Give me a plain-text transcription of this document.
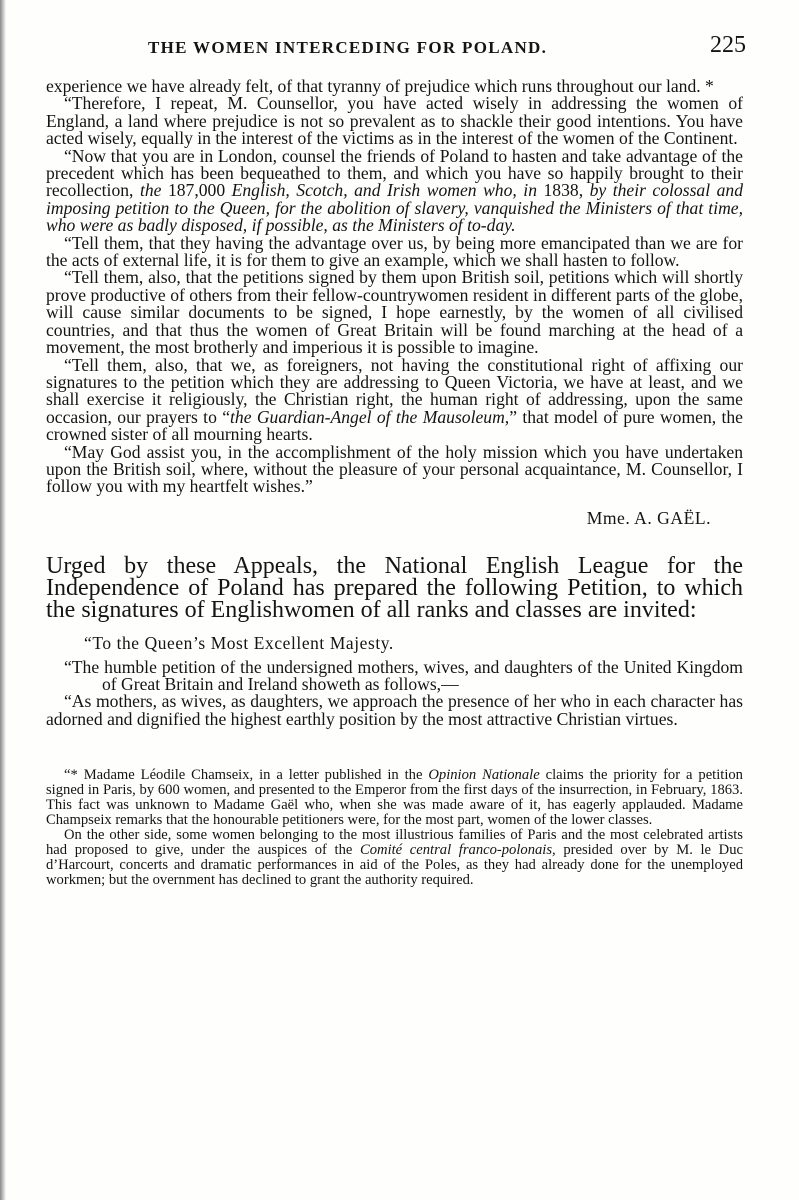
THE WOMEN INTERCEDING FOR POLAND.	225

experience we have already felt, of that tyranny of prejudice which runs throughout our land. *

“Therefore, I repeat, M. Counsellor, you have acted wisely in addressing the women of England, a land where prejudice is not so prevalent as to shackle their good intentions. You have acted wisely, equally in the interest of the victims as in the interest of the women of the Continent.

“Now that you are in London, counsel the friends of Poland to hasten and take advantage of the precedent which has been bequeathed to them, and which you have so happily brought to their recollection, the 187,000 English, Scotch, and Irish women who, in 1838, by their colossal and imposing petition to the Queen, for the abolition of slavery, vanquished the Ministers of that time, who were as badly disposed, if possible, as the Ministers of to-day.

“Tell them, that they having the advantage over us, by being more emancipated than we are for the acts of external life, it is for them to give an example, which we shall hasten to follow.

“Tell them, also, that the petitions signed by them upon British soil, petitions which will shortly prove productive of others from their fellow-countrywomen resident in different parts of the globe, will cause similar documents to be signed, I hope earnestly, by the women of all civilised countries, and that thus the women of Great Britain will be found marching at the head of a movement, the most brotherly and imperious it is possible to imagine.

“Tell them, also, that we, as foreigners, not having the constitutional right of affixing our signatures to the petition which they are addressing to Queen Victoria, we have at least, and we shall exercise it religiously, the Christian right, the human right of addressing, upon the same occasion, our prayers to “the Guardian-Angel of the Mausoleum,” that model of pure women, the crowned sister of all mourning hearts.

“May God assist you, in the accomplishment of the holy mission which you have undertaken upon the British soil, where, without the pleasure of your personal acquaintance, M. Counsellor, I follow you with my heartfelt wishes.”

Mme. A. GAËL.

Urged by these Appeals, the National English League for the Independence of Poland has prepared the following Petition, to which the signatures of Englishwomen of all ranks and classes are invited:

“To the Queen’s Most Excellent Majesty.

“The humble petition of the undersigned mothers, wives, and daughters of the United Kingdom of Great Britain and Ireland showeth as follows,—

“As mothers, as wives, as daughters, we approach the presence of her who in each character has adorned and dignified the highest earthly position by the most attractive Christian virtues.

“* Madame Léodile Chamseix, in a letter published in the Opinion Nationale claims the priority for a petition signed in Paris, by 600 women, and presented to the Emperor from the first days of the insurrection, in February, 1863. This fact was unknown to Madame Gaël who, when she was made aware of it, has eagerly applauded. Madame Champseix remarks that the honourable petitioners were, for the most part, women of the lower classes.

On the other side, some women belonging to the most illustrious families of Paris and the most celebrated artists had proposed to give, under the auspices of the Comité central franco-polonais, presided over by M. le Duc d’Harcourt, concerts and dramatic performances in aid of the Poles, as they had already done for the unemployed workmen; but the overnment has declined to grant the authority required.
